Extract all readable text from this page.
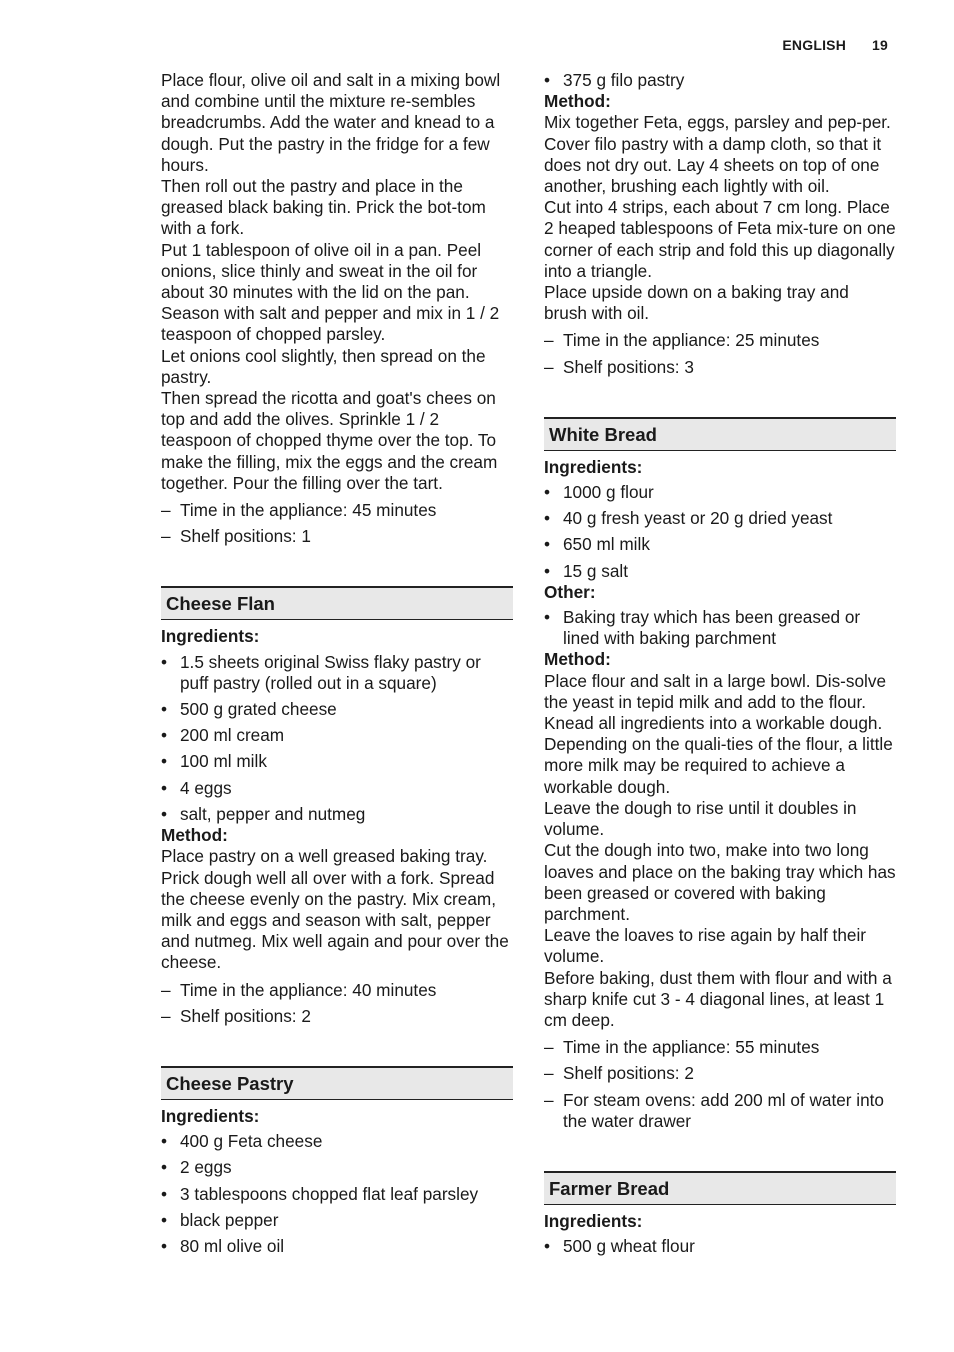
ENGLISH 19

Place flour, olive oil and salt in a mixing bowl and combine until the mixture re-sembles breadcrumbs. Add the water and knead to a dough. Put the pastry in the fridge for a few hours.

Then roll out the pastry and place in the greased black baking tin. Prick the bot-tom with a fork.

Put 1 tablespoon of olive oil in a pan. Peel onions, slice thinly and sweat in the oil for about 30 minutes with the lid on the pan. Season with salt and pepper and mix in 1 / 2 teaspoon of chopped parsley.

Let onions cool slightly, then spread on the pastry.

Then spread the ricotta and goat's chees on top and add the olives. Sprinkle 1 / 2 teaspoon of chopped thyme over the top. To make the filling, mix the eggs and the cream together. Pour the filling over the tart.

– Time in the appliance: 45 minutes
– Shelf positions: 1
Cheese Flan

Ingredients:

• 1.5 sheets original Swiss flaky pastry or puff pastry (rolled out in a square)
• 500 g grated cheese
• 200 ml cream
• 100 ml milk
• 4 eggs
• salt, pepper and nutmeg

Method:

Place pastry on a well greased baking tray. Prick dough well all over with a fork. Spread the cheese evenly on the pastry. Mix cream, milk and eggs and season with salt, pepper and nutmeg. Mix well again and pour over the cheese.

– Time in the appliance: 40 minutes
– Shelf positions: 2
Cheese Pastry

Ingredients:

• 400 g Feta cheese
• 2 eggs
• 3 tablespoons chopped flat leaf parsley
• black pepper
• 80 ml olive oil
• 375 g filo pastry

Method:

Mix together Feta, eggs, parsley and pep-per. Cover filo pastry with a damp cloth, so that it does not dry out. Lay 4 sheets on top of one another, brushing each lightly with oil.

Cut into 4 strips, each about 7 cm long. Place 2 heaped tablespoons of Feta mix-ture on one corner of each strip and fold this up diagonally into a triangle.

Place upside down on a baking tray and brush with oil.

– Time in the appliance: 25 minutes
– Shelf positions: 3
White Bread

Ingredients:

• 1000 g flour
• 40 g fresh yeast or 20 g dried yeast
• 650 ml milk
• 15 g salt

Other:

• Baking tray which has been greased or lined with baking parchment

Method:

Place flour and salt in a large bowl. Dis-solve the yeast in tepid milk and add to the flour. Knead all ingredients into a workable dough. Depending on the quali-ties of the flour, a little more milk may be required to achieve a workable dough.

Leave the dough to rise until it doubles in volume.

Cut the dough into two, make into two long loaves and place on the baking tray which has been greased or covered with baking parchment.

Leave the loaves to rise again by half their volume.

Before baking, dust them with flour and with a sharp knife cut 3 - 4 diagonal lines, at least 1 cm deep.

– Time in the appliance: 55 minutes
– Shelf positions: 2
– For steam ovens: add 200 ml of water into the water drawer
Farmer Bread

Ingredients:

• 500 g wheat flour
